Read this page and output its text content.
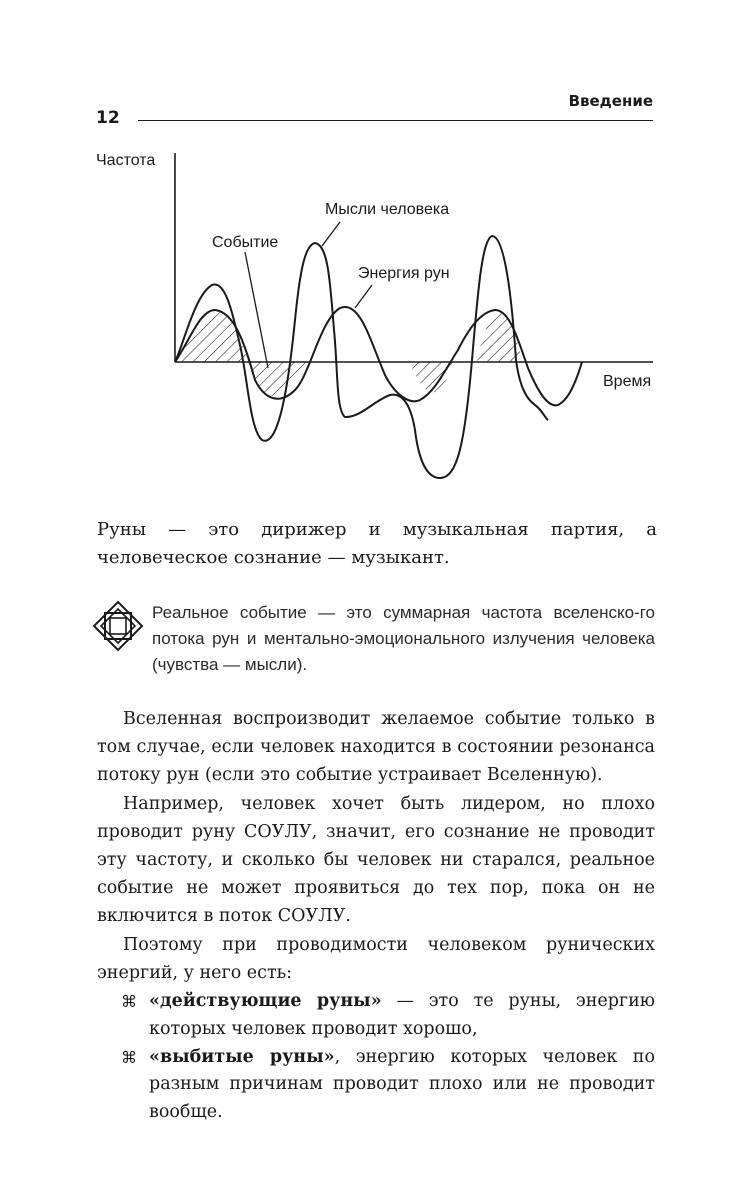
12
Введение
Частота
Время
Мысли человека
Событие
Энергия рун
Руны — это дирижер и музыкальная партия, а человеческое сознание — музыкант.
Реальное событие — это суммарная частота вселенско-го потока рун и ментально-эмоционального излучения человека (чувства — мысли).

Вселенная воспроизводит желаемое событие только в том случае, если человек находится в состоянии резонанса потоку рун (если это событие устраивает Вселенную).

Например, человек хочет быть лидером, но плохо проводит руну СОУЛУ, значит, его сознание не проводит эту частоту, и сколько бы человек ни старался, реальное событие не может проявиться до тех пор, пока он не включится в поток СОУЛУ.

Поэтому при проводимости человеком рунических энергий, у него есть:

⌘ «действующие руны» — это те руны, энергию которых человек проводит хорошо,
⌘ «выбитые руны», энергию которых человек по разным причинам проводит плохо или не проводит вообще.
